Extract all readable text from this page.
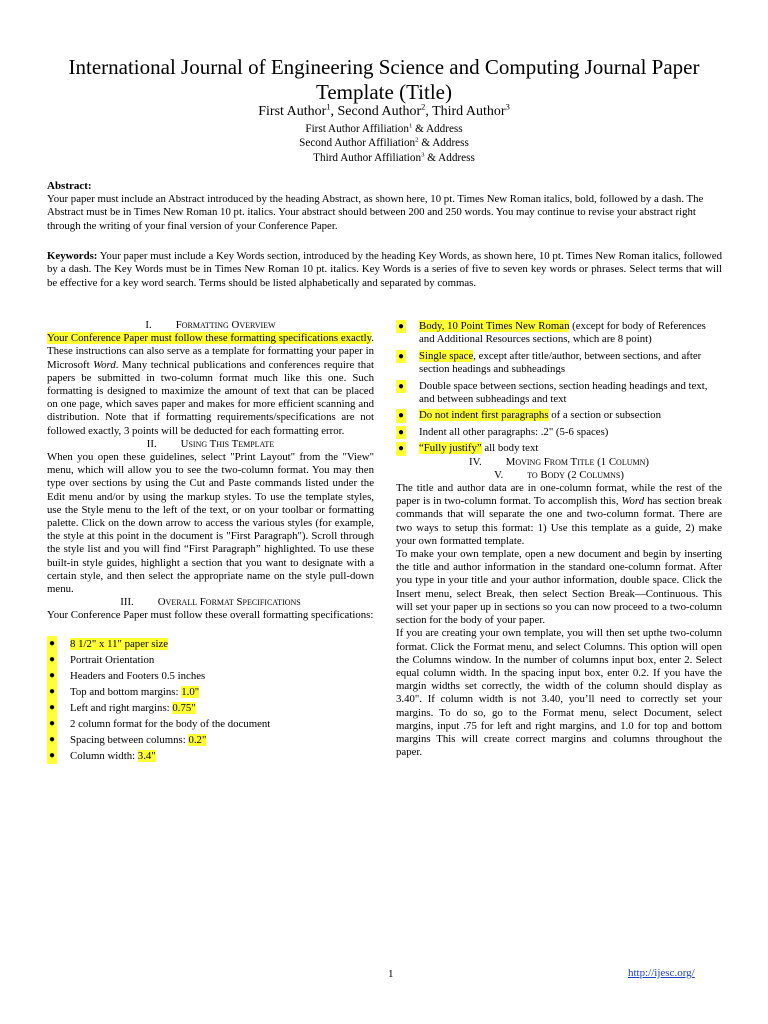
International Journal of Engineering Science and Computing Journal Paper Template (Title)
First Author$^1$, Second Author$^2$, Third Author$^3$
First Author Affiliation$^1$ & Address
Second Author Affiliation$^2$ & Address
Third Author Affiliation$^3$ & Address
Abstract:
Your paper must include an Abstract introduced by the heading Abstract, as shown here, 10 pt. Times New Roman italics, bold, followed by a dash. The Abstract must be in Times New Roman 10 pt. italics. Your abstract should between 200 and 250 words. You may continue to revise your abstract right through the writing of your final version of your Conference Paper.
Keywords: Your paper must include a Key Words section, introduced by the heading Key Words, as shown here, 10 pt. Times New Roman italics, followed by a dash. The Key Words must be in Times New Roman 10 pt. italics. Key Words is a series of five to seven key words or phrases. Select terms that will be effective for a key word search. Terms should be listed alphabetically and separated by commas.
I. Formatting Overview
Your Conference Paper must follow these formatting specifications exactly. These instructions can also serve as a template for formatting your paper in Microsoft Word. Many technical publications and conferences require that papers be submitted in two-column format much like this one. Such formatting is designed to maximize the amount of text that can be placed on one page, which saves paper and makes for more efficient scanning and distribution. Note that if formatting requirements/specifications are not followed exactly, 3 points will be deducted for each formatting error.
II. Using This Template
When you open these guidelines, select "Print Layout" from the "View" menu, which will allow you to see the two-column format. You may then type over sections by using the Cut and Paste commands listed under the Edit menu and/or by using the markup styles. To use the template styles, use the Style menu to the left of the text, or on your toolbar or formatting palette. Click on the down arrow to access the various styles (for example, the style at this point in the document is "First Paragraph"). Scroll through the style list and you will find “First Paragraph” highlighted. To use these built-in style guides, highlight a section that you want to designate with a certain style, and then select the appropriate name on the style pull-down menu.
III. Overall Format Specifications
Your Conference Paper must follow these overall formatting specifications:
● 8 1/2" x 11" paper size
● Portrait Orientation
● Headers and Footers 0.5 inches
● Top and bottom margins: 1.0"
● Left and right margins: 0.75"
● 2 column format for the body of the document
● Spacing between columns: 0.2"
● Column width: 3.4"
● Body, 10 Point Times New Roman (except for body of References and Additional Resources sections, which are 8 point)
● Single space, except after title/author, between sections, and after section headings and subheadings
● Double space between sections, section heading headings and text, and between subheadings and text
● Do not indent first paragraphs of a section or subsection
● Indent all other paragraphs: .2" (5-6 spaces)
● “Fully justify” all body text
IV. Moving From Title (1 Column)
V. to Body (2 Columns)
The title and author data are in one-column format, while the rest of the paper is in two-column format. To accomplish this, Word has section break commands that will separate the one and two-column format. There are two ways to setup this format: 1) Use this template as a guide, 2) make your own formatted template.
To make your own template, open a new document and begin by inserting the title and author information in the standard one-column format. After you type in your title and your author information, double space. Click the Insert menu, select Break, then select Section Break—Continuous. This will set your paper up in sections so you can now proceed to a two-column section for the body of your paper.
If you are creating your own template, you will then set upthe two-column format. Click the Format menu, and select Columns. This option will open the Columns window. In the number of columns input box, enter 2. Select equal column width. In the spacing input box, enter 0.2. If you have the margin widths set correctly, the width of the column should display as 3.40". If column width is not 3.40, you’ll need to correctly set your margins. To do so, go to the Format menu, select Document, select margins, input .75 for left and right margins, and 1.0 for top and bottom margins This will create correct margins and columns throughout the paper.
1	http://ijesc.org/
